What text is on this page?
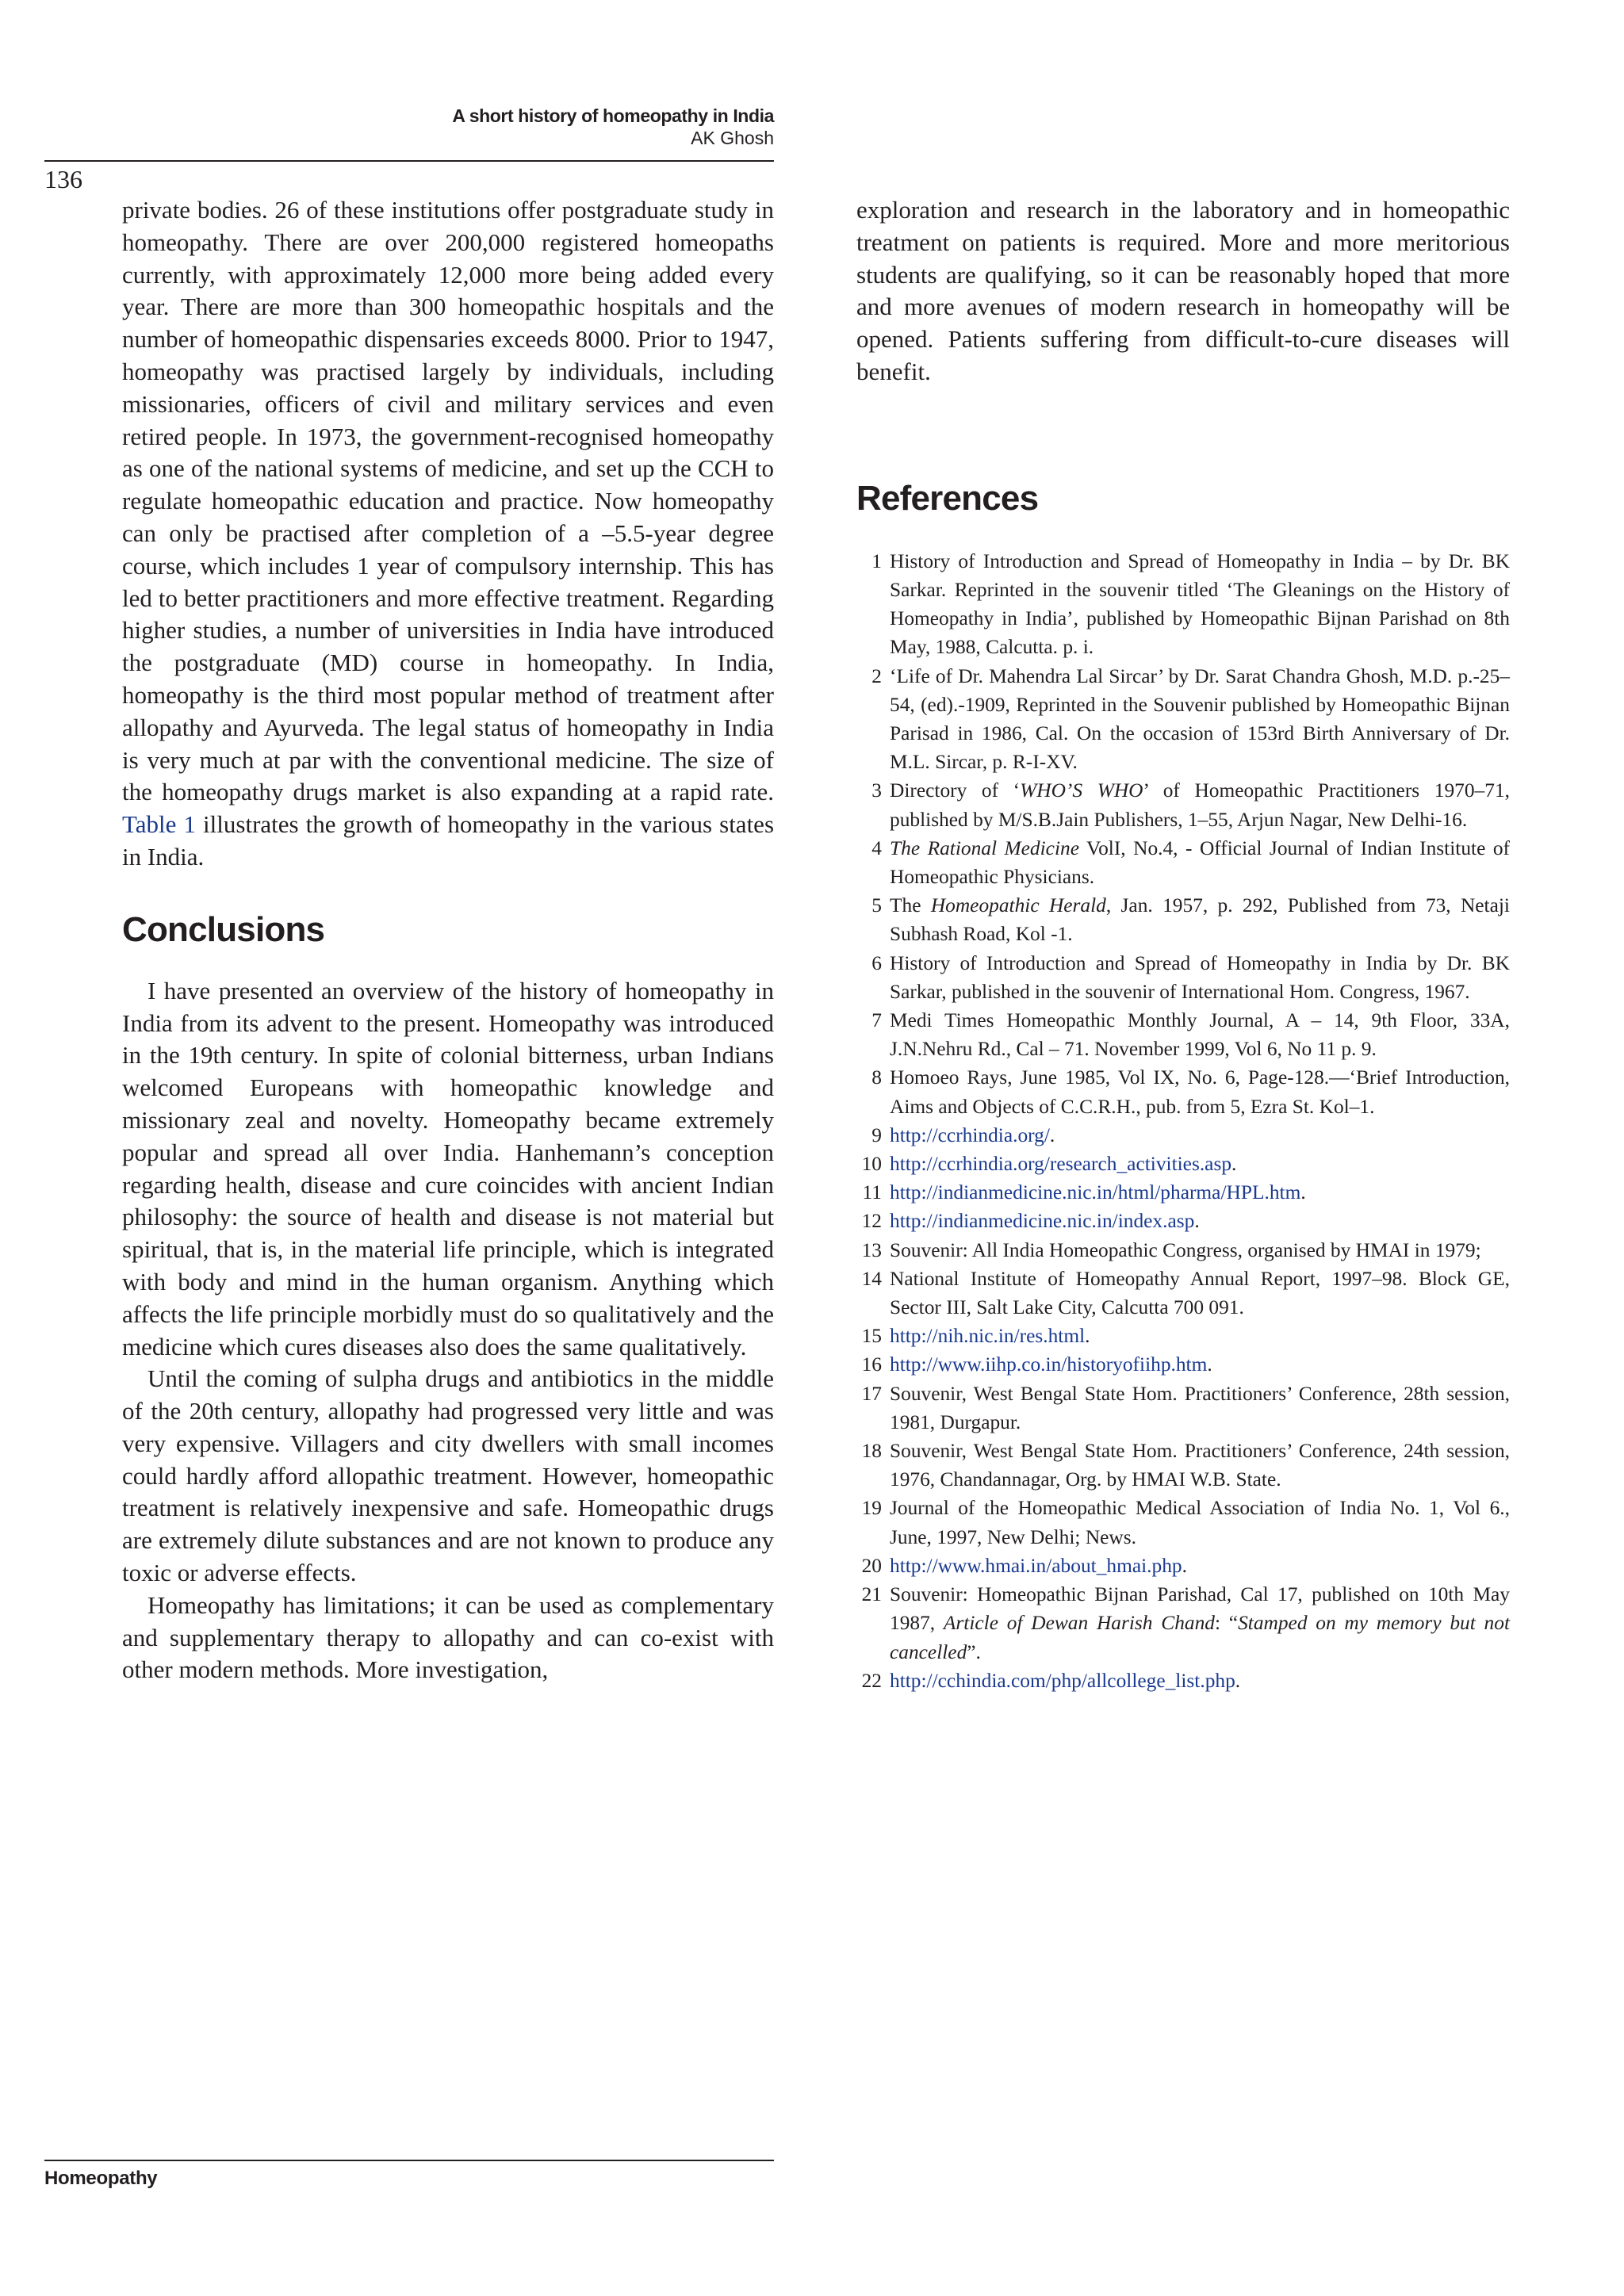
A short history of homeopathy in India
AK Ghosh
136

private bodies. 26 of these institutions offer postgraduate study in homeopathy. There are over 200,000 registered homeopaths currently, with approximately 12,000 more being added every year. There are more than 300 homeopathic hospitals and the number of homeopathic dispensaries exceeds 8000. Prior to 1947, homeopathy was practised largely by individuals, including missionaries, officers of civil and military services and even retired people. In 1973, the government-recognised homeopathy as one of the national systems of medicine, and set up the CCH to regulate homeopathic education and practice. Now homeopathy can only be practised after completion of a –5.5-year degree course, which includes 1 year of compulsory internship. This has led to better practitioners and more effective treatment. Regarding higher studies, a number of universities in India have introduced the postgraduate (MD) course in homeopathy. In India, homeopathy is the third most popular method of treatment after allopathy and Ayurveda. The legal status of homeopathy in India is very much at par with the conventional medicine. The size of the homeopathy drugs market is also expanding at a rapid rate. Table 1 illustrates the growth of homeopathy in the various states in India.

Conclusions

I have presented an overview of the history of homeopathy in India from its advent to the present. Homeopathy was introduced in the 19th century. In spite of colonial bitterness, urban Indians welcomed Europeans with homeopathic knowledge and missionary zeal and novelty. Homeopathy became extremely popular and spread all over India. Hanhemann’s conception regarding health, disease and cure coincides with ancient Indian philosophy: the source of health and disease is not material but spiritual, that is, in the material life principle, which is integrated with body and mind in the human organism. Anything which affects the life principle morbidly must do so qualitatively and the medicine which cures diseases also does the same qualitatively.

Until the coming of sulpha drugs and antibiotics in the middle of the 20th century, allopathy had progressed very little and was very expensive. Villagers and city dwellers with small incomes could hardly afford allopathic treatment. However, homeopathic treatment is relatively inexpensive and safe. Homeopathic drugs are extremely dilute substances and are not known to produce any toxic or adverse effects.

Homeopathy has limitations; it can be used as complementary and supplementary therapy to allopathy and can co-exist with other modern methods. More investigation,

exploration and research in the laboratory and in homeopathic treatment on patients is required. More and more meritorious students are qualifying, so it can be reasonably hoped that more and more avenues of modern research in homeopathy will be opened. Patients suffering from difficult-to-cure diseases will benefit.

References
1 History of Introduction and Spread of Homeopathy in India – by Dr. BK Sarkar. Reprinted in the souvenir titled ‘The Gleanings on the History of Homeopathy in India’, published by Homeopathic Bijnan Parishad on 8th May, 1988, Calcutta. p. i.
2 ‘Life of Dr. Mahendra Lal Sircar’ by Dr. Sarat Chandra Ghosh, M.D. p.-25–54, (ed).-1909, Reprinted in the Souvenir published by Homeopathic Bijnan Parisad in 1986, Cal. On the occasion of 153rd Birth Anniversary of Dr. M.L. Sircar, p. R-I-XV.
3 Directory of ‘WHO’S WHO’ of Homeopathic Practitioners 1970–71, published by M/S.B.Jain Publishers, 1–55, Arjun Nagar, New Delhi-16.
4 The Rational Medicine VolI, No.4, - Official Journal of Indian Institute of Homeopathic Physicians.
5 The Homeopathic Herald, Jan. 1957, p. 292, Published from 73, Netaji Subhash Road, Kol -1.
6 History of Introduction and Spread of Homeopathy in India by Dr. BK Sarkar, published in the souvenir of International Hom. Congress, 1967.
7 Medi Times Homeopathic Monthly Journal, A – 14, 9th Floor, 33A, J.N.Nehru Rd., Cal – 71. November 1999, Vol 6, No 11 p. 9.
8 Homoeo Rays, June 1985, Vol IX, No. 6, Page-128.—‘Brief Introduction, Aims and Objects of C.C.R.H., pub. from 5, Ezra St. Kol–1.
9 http://ccrhindia.org/.
10 http://ccrhindia.org/research_activities.asp.
11 http://indianmedicine.nic.in/html/pharma/HPL.htm.
12 http://indianmedicine.nic.in/index.asp.
13 Souvenir: All India Homeopathic Congress, organised by HMAI in 1979;
14 National Institute of Homeopathy Annual Report, 1997–98. Block GE, Sector III, Salt Lake City, Calcutta 700 091.
15 http://nih.nic.in/res.html.
16 http://www.iihp.co.in/historyofiihp.htm.
17 Souvenir, West Bengal State Hom. Practitioners’ Conference, 28th session, 1981, Durgapur.
18 Souvenir, West Bengal State Hom. Practitioners’ Conference, 24th session, 1976, Chandannagar, Org. by HMAI W.B. State.
19 Journal of the Homeopathic Medical Association of India No. 1, Vol 6., June, 1997, New Delhi; News.
20 http://www.hmai.in/about_hmai.php.
21 Souvenir: Homeopathic Bijnan Parishad, Cal 17, published on 10th May 1987, Article of Dewan Harish Chand: “Stamped on my memory but not cancelled”.
22 http://cchindia.com/php/allcollege_list.php.
Homeopathy
